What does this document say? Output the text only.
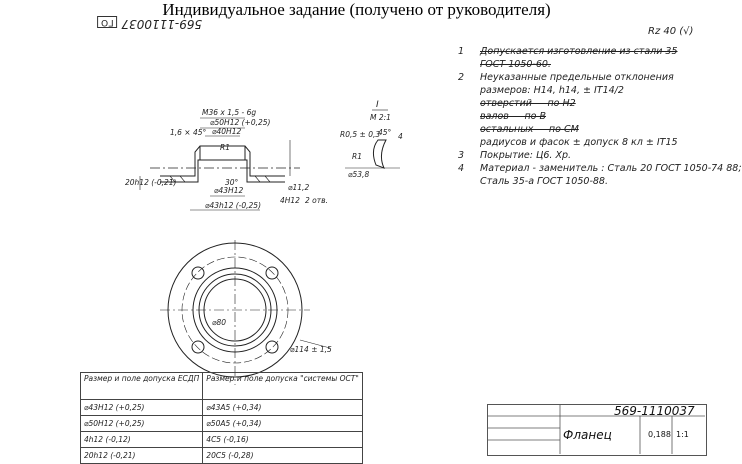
Индивидуальное задание (получено от руководителя)
569-1110037 ГО
Rz 40 (√)
1 Допускается изготовление из стали 35
ГОСТ 1050-60.
2 Неуказанные предельные отклонения
размеров: H14, h14, ± IT14/2
отверстий — по H2
валов — по В
остальных — по СМ
радиусов и фасок ± допуск 8 кл ± IT15
3 Покрытие: Ц6. Хр.
4 Материал - заменитель : Сталь 20 ГОСТ 1050-74 88;
Сталь 35-а ГОСТ 1050-88.
M36 x 1,5 - 6g
⌀50H12 (+0,25)
⌀40H12
⌀43H12
⌀43h12 (-0,25)
R1
30°
⌀11,2
20h12 (-0,21)
1,6 × 45°
4H12 2 отв.
I
M 2:1
R0,5 ± 0,3
R1
⌀53,8
45° 4
⌀80
⌀114 ± 1,5
Размер и поле допуска ЕСДП	Размер и поле допуска "системы ОСТ"
⌀43H12 (+0,25)	⌀43А5 (+0,34)
⌀50H12 (+0,25)	⌀50А5 (+0,34)
4h12 (-0,12)	4С5 (-0,16)
20h12 (-0,21)	20С5 (-0,28)
569-1110037
Фланец	0,188 1:1
